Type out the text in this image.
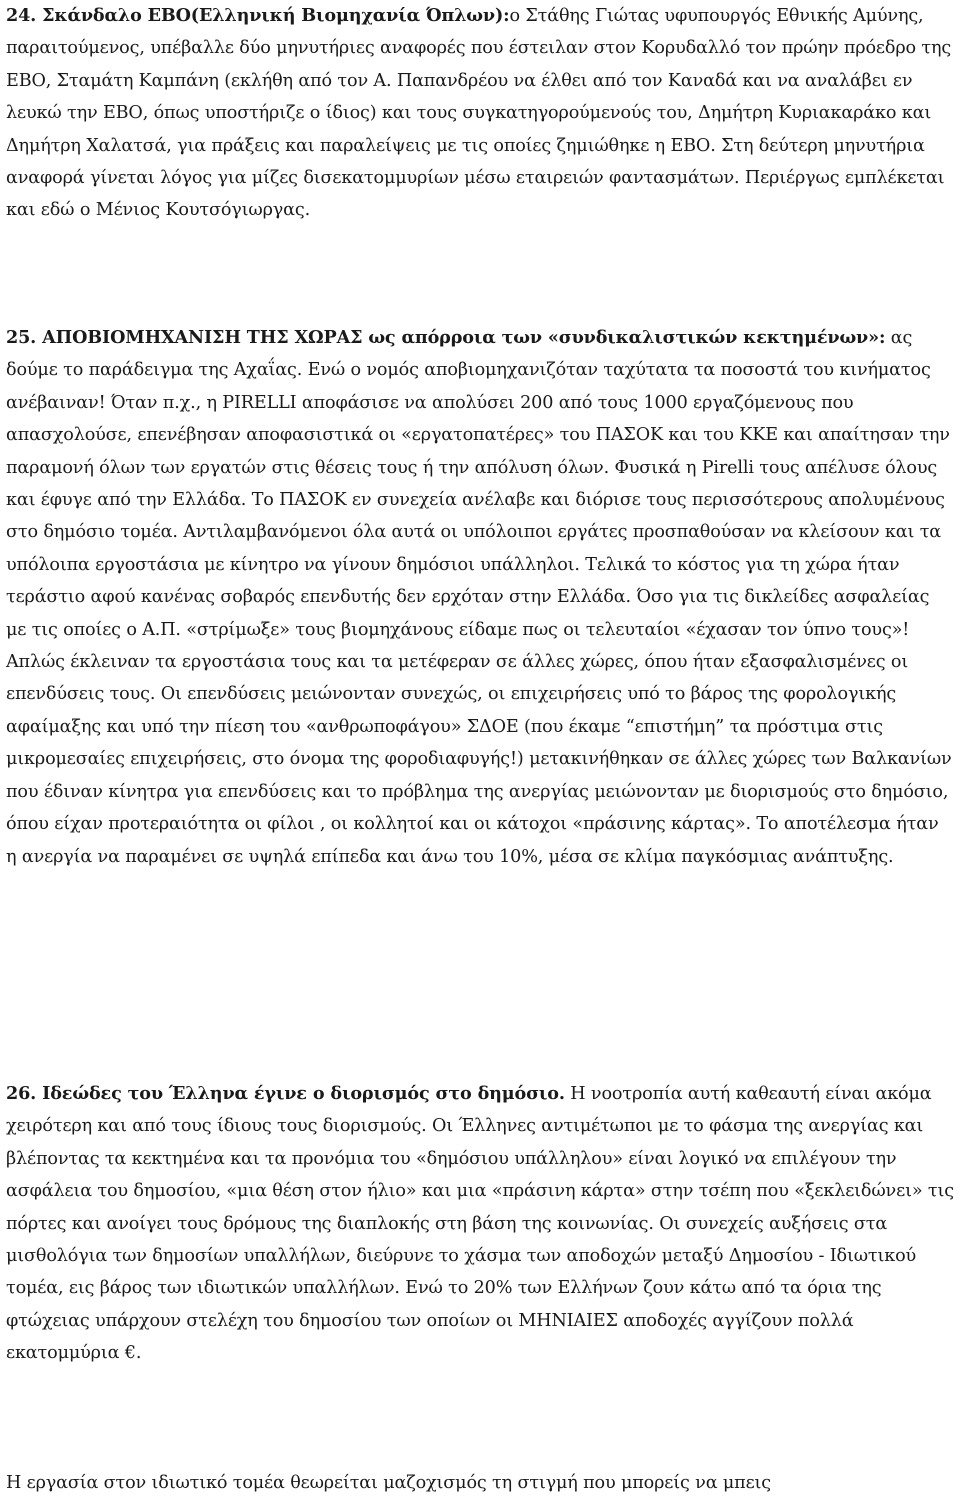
24. Σκάνδαλο ΕΒΟ(Ελληνική Βιομηχανία Όπλων):ο Στάθης Γιώτας υφυπουργός Εθνικής Αμύνης, παραιτούμενος, υπέβαλλε δύο μηνυτήριες αναφορές που έστειλαν στον Κορυδαλλό τον πρώην πρόεδρο της ΕΒΟ, Σταμάτη Καμπάνη (εκλήθη από τον Α. Παπανδρέου να έλθει από τον Καναδά και να αναλάβει εν λευκώ την ΕΒΟ, όπως υποστήριζε ο ίδιος) και τους συγκατηγορούμενούς του, Δημήτρη Κυριακαράκο και Δημήτρη Χαλατσά, για πράξεις και παραλείψεις με τις οποίες ζημιώθηκε η ΕΒΟ. Στη δεύτερη μηνυτήρια αναφορά γίνεται λόγος για μίζες δισεκατομμυρίων μέσω εταιρειών φαντασμάτων. Περιέργως εμπλέκεται και εδώ ο Μένιος Κουτσόγιωργας.

25. ΑΠΟΒΙΟΜΗΧΑΝΙΣΗ ΤΗΣ ΧΩΡΑΣ ως απόρροια των «συνδικαλιστικών κεκτημένων»: ας δούμε το παράδειγμα της Αχαΐας. Ενώ ο νομός αποβιομηχανιζόταν ταχύτατα τα ποσοστά του κινήματος ανέβαιναν! Όταν π.χ., η PIRELLI αποφάσισε να απολύσει 200 από τους 1000 εργαζόμενους που απασχολούσε, επενέβησαν αποφασιστικά οι «εργατοπατέρες» του ΠΑΣΟΚ και του ΚΚΕ και απαίτησαν την παραμονή όλων των εργατών στις θέσεις τους ή την απόλυση όλων. Φυσικά η Pirelli τους απέλυσε όλους και έφυγε από την Ελλάδα. Το ΠΑΣΟΚ εν συνεχεία ανέλαβε και διόρισε τους περισσότερους απολυμένους στο δημόσιο τομέα. Αντιλαμβανόμενοι όλα αυτά οι υπόλοιποι εργάτες προσπαθούσαν να κλείσουν και τα υπόλοιπα εργοστάσια με κίνητρο να γίνουν δημόσιοι υπάλληλοι. Τελικά το κόστος για τη χώρα ήταν τεράστιο αφού κανένας σοβαρός επενδυτής δεν ερχόταν στην Ελλάδα. Όσο για τις δικλείδες ασφαλείας με τις οποίες ο Α.Π. «στρίμωξε» τους βιομηχάνους είδαμε πως οι τελευταίοι «έχασαν τον ύπνο τους»! Απλώς έκλειναν τα εργοστάσια τους και τα μετέφεραν σε άλλες χώρες, όπου ήταν εξασφαλισμένες οι επενδύσεις τους. Οι επενδύσεις μειώνονταν συνεχώς, οι επιχειρήσεις υπό το βάρος της φορολογικής αφαίμαξης και υπό την πίεση του «ανθρωποφάγου» ΣΔΟΕ (που έκαμε “επιστήμη” τα πρόστιμα στις μικρομεσαίες επιχειρήσεις, στο όνομα της φοροδιαφυγής!) μετακινήθηκαν σε άλλες χώρες των Βαλκανίων που έδιναν κίνητρα για επενδύσεις και το πρόβλημα της ανεργίας μειώνονταν με διορισμούς στο δημόσιο, όπου είχαν προτεραιότητα οι φίλοι , οι κολλητοί και οι κάτοχοι «πράσινης κάρτας». Το αποτέλεσμα ήταν η ανεργία να παραμένει σε υψηλά επίπεδα και άνω του 10%, μέσα σε κλίμα παγκόσμιας ανάπτυξης.

26. Ιδεώδες του Έλληνα έγινε ο διορισμός στο δημόσιο. Η νοοτροπία αυτή καθεαυτή είναι ακόμα χειρότερη και από τους ίδιους τους διορισμούς. Οι Έλληνες αντιμέτωποι με το φάσμα της ανεργίας και βλέποντας τα κεκτημένα και τα προνόμια του «δημόσιου υπάλληλου» είναι λογικό να επιλέγουν την ασφάλεια του δημοσίου, «μια θέση στον ήλιο» και μια «πράσινη κάρτα» στην τσέπη που «ξεκλειδώνει» τις πόρτες και ανοίγει τους δρόμους της διαπλοκής στη βάση της κοινωνίας. Οι συνεχείς αυξήσεις στα μισθολόγια των δημοσίων υπαλλήλων, διεύρυνε το χάσμα των αποδοχών μεταξύ Δημοσίου - Ιδιωτικού τομέα, εις βάρος των ιδιωτικών υπαλλήλων. Ενώ το 20% των Ελλήνων ζουν κάτω από τα όρια της φτώχειας υπάρχουν στελέχη του δημοσίου των οποίων οι ΜΗΝΙΑΙΕΣ αποδοχές αγγίζουν πολλά εκατομμύρια €.

Η εργασία στον ιδιωτικό τομέα θεωρείται μαζοχισμός τη στιγμή που μπορείς να μπεις
